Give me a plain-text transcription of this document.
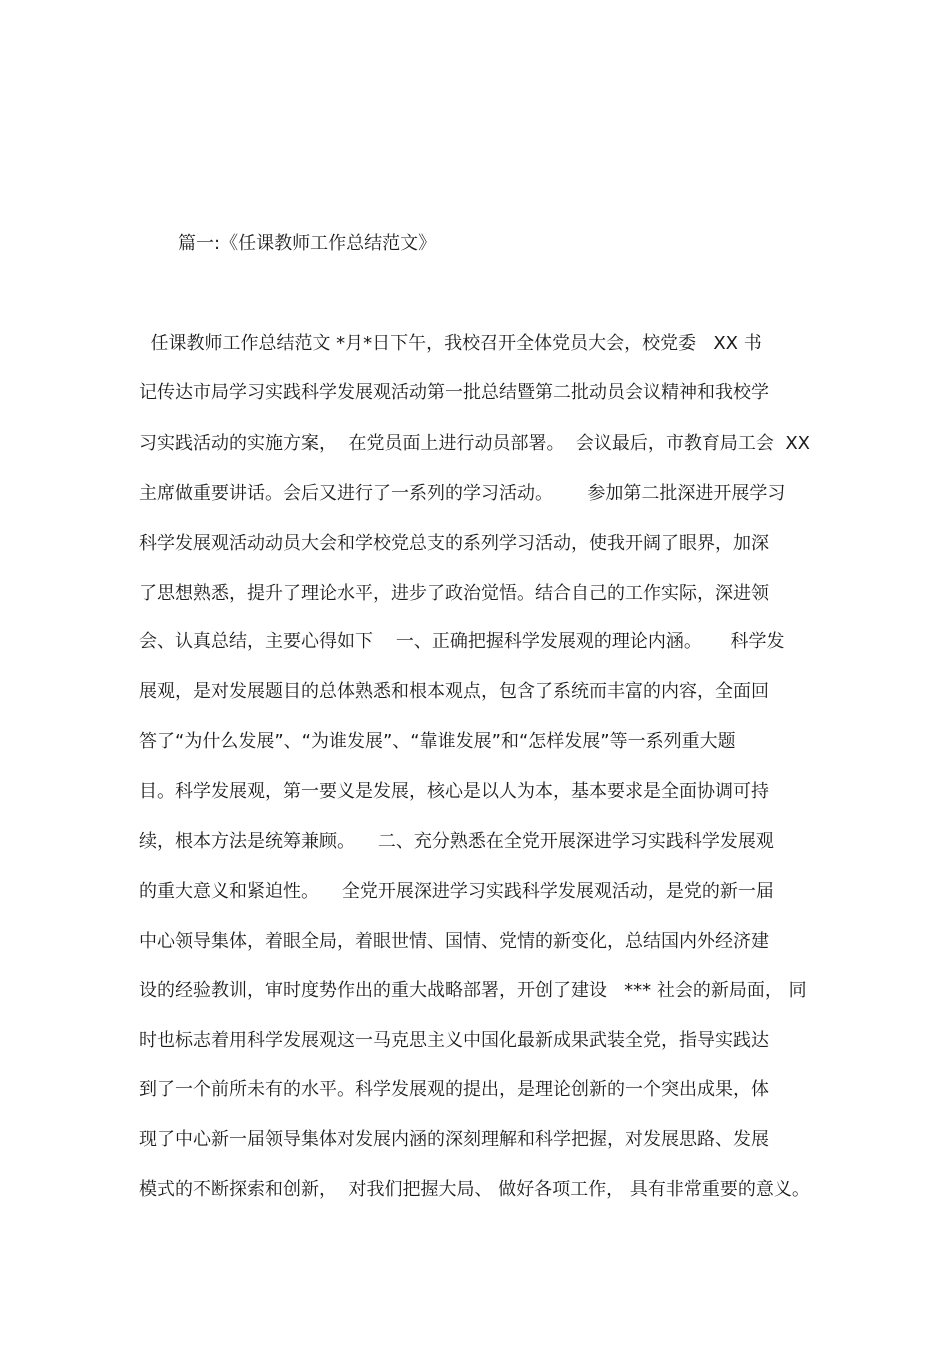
篇一:《任课教师工作总结范文》
任课教师工作总结范文 *月*日下午，我校召开全体党员大会，校党委   XX 书
记传达市局学习实践科学发展观活动第一批总结暨第二批动员会议精神和我校学
习实践活动的实施方案，  在党员面上进行动员部署。  会议最后，市教育局工会  XX
主席做重要讲话。会后又进行了一系列的学习活动。      参加第二批深进开展学习
科学发展观活动动员大会和学校党总支的系列学习活动，使我开阔了眼界，加深
了思想熟悉，提升了理论水平，进步了政治觉悟。结合自己的工作实际，深进领
会、认真总结，主要心得如下    一、正确把握科学发展观的理论内涵。     科学发
展观，是对发展题目的总体熟悉和根本观点，包含了系统而丰富的内容，全面回
答了“为什么发展”、“为谁发展”、“靠谁发展”和“怎样发展”等一系列重大题
目。科学发展观，第一要义是发展，核心是以人为本，基本要求是全面协调可持
续，根本方法是统筹兼顾。    二、充分熟悉在全党开展深进学习实践科学发展观
的重大意义和紧迫性。    全党开展深进学习实践科学发展观活动，是党的新一届
中心领导集体，着眼全局，着眼世情、国情、党情的新变化，总结国内外经济建
设的经验教训，审时度势作出的重大战略部署，开创了建设   *** 社会的新局面， 同
时也标志着用科学发展观这一马克思主义中国化最新成果武装全党，指导实践达
到了一个前所未有的水平。科学发展观的提出，是理论创新的一个突出成果，体
现了中心新一届领导集体对发展内涵的深刻理解和科学把握，对发展思路、发展
模式的不断探索和创新，  对我们把握大局、 做好各项工作， 具有非常重要的意义。
